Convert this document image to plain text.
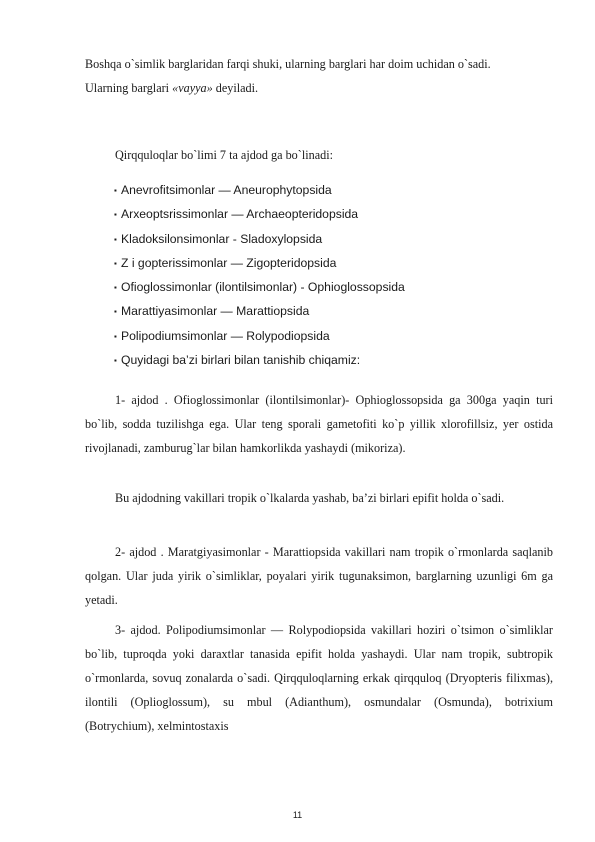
Boshqa o`simlik barglaridan farqi shuki, ularning barglari har doim uchidan o`sadi.
Ularning barglari «vayya» deyiladi.

Qirqquloqlar bo`limi 7 ta ajdod ga bo`linadi:

▪ Anevrofitsimonlar — Aneurophytopsida
▪ Arxeoptsrissimonlar — Archaeopteridopsida
▪ Kladoksilonsimonlar - Sladoxylopsida
▪ Z i gopterissimonlar — Zigopteridopsida
▪ Ofioglossimonlar (ilontilsimonlar) - Ophioglossopsida
▪ Marattiyasimonlar — Marattiopsida
▪ Polipodiumsimonlar — Rolypodiopsida
▪ Quyidagi ba’zi birlari bilan tanishib chiqamiz:

1- ajdod . Ofioglossimonlar (ilontilsimonlar)- Ophioglossopsida ga 300ga yaqin turi bo`lib, sodda tuzilishga ega. Ular teng sporali gametofiti ko`p yillik xlorofillsiz, yer ostida rivojlanadi, zamburug`lar bilan hamkorlikda yashaydi (mikoriza).

Bu ajdodning vakillari tropik o`lkalarda yashab, ba’zi birlari epifit holda o`sadi.

2- ajdod . Maratgiyasimonlar - Marattiopsida vakillari nam tropik o`rmonlarda saqlanib qolgan. Ular juda yirik o`simliklar, poyalari yirik tugunaksimon, barglarning uzunligi 6m ga yetadi.

3- ajdod. Polipodiumsimonlar — Rolypodiopsida vakillari hoziri o`tsimon o`simliklar bo`lib, tuproqda yoki daraxtlar tanasida epifit holda yashaydi. Ular nam tropik, subtropik o`rmonlarda, sovuq zonalarda o`sadi. Qirqquloqlarning erkak qirqquloq (Dryopteris filixmas), ilontili (Oplioglossum), su mbul (Adianthum), osmundalar (Osmunda), botrixium (Botrychium), xelmintostaxis

11
